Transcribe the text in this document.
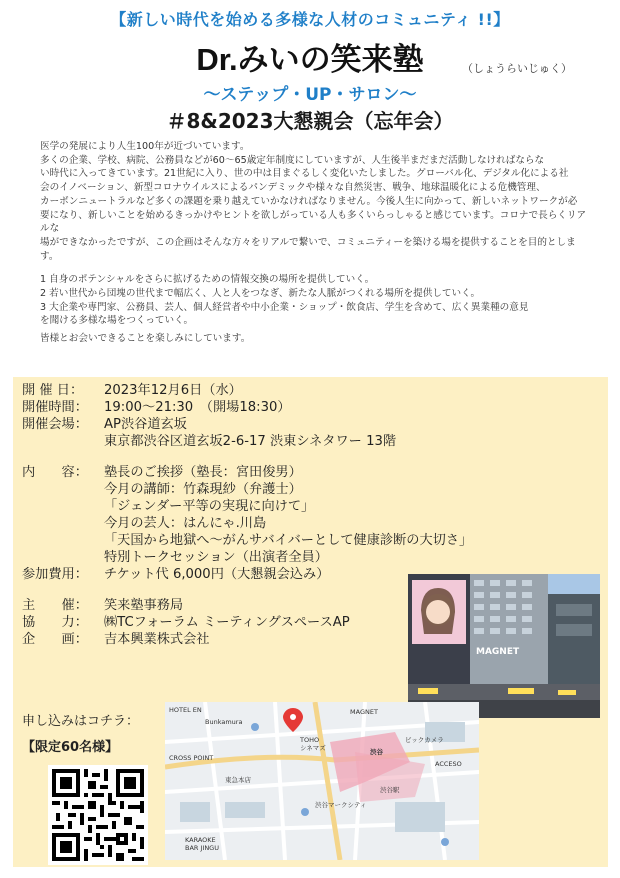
【新しい時代を始める多様な人材のコミュニティ !!】
Dr.みいの笑来塾	（しょうらいじゅく）
〜ステップ・UP・サロン〜
＃8&2023大懇親会（忘年会）

医学の発展により人生100年が近づいています。

多くの企業、学校、病院、公務員などが60〜65歳定年制度にしていますが、人生後半まだまだ活動しなければならな

い時代に入ってきています。21世紀に入り、世の中は目まぐるしく変化いたしました。グローバル化、デジタル化による社

会のイノベーション、新型コロナウイルスによるパンデミックや様々な自然災害、戦争、地球温暖化による危機管理、

カーボンニュートラルなど多くの課題を乗り越えていかなければなりません。今後人生に向かって、新しいネットワークが必

要になり、新しいことを始めるきっかけやヒントを欲しがっている人も多くいらっしゃると感じています。コロナで長らくリアルな

場ができなかったですが、この企画はそんな方々をリアルで繋いで、コミュニティーを築ける場を提供することを目的としま

す。

1 自身のポテンシャルをさらに拡げるための情報交換の場所を提供していく。

2 若い世代から団塊の世代まで幅広く、人と人をつなぎ、新たな人脈がつくれる場所を提供していく。

3 大企業や専門家、公務員、芸人、個人経営者や中小企業・ショップ・飲食店、学生を含めて、広く異業種の意見

を聞ける多様な場をつくっていく。

皆様とお会いできることを楽しみにしています。

開 催 日：	2023年12月6日（水）
開催時間：	19:00〜21:30　（開場18:30）
開催会場：	AP渋谷道玄坂
東京都渋谷区道玄坂2-6-17 渋東シネタワー 13階
内　　容：	塾長のご挨拶（塾長：宮田俊男）
今月の講師：竹森現紗（弁護士）
「ジェンダー平等の実現に向けて」
今月の芸人：はんにゃ.川島
「天国から地獄へ〜がんサバイバーとして健康診断の大切さ」
特別トークセッション（出演者全員）
参加費用：	チケット代 6,000円（大懇親会込み）
主　　催：	笑来塾事務局
協　　力：	㈱TCフォーラム ミーティングスペースAP
企　　画：	吉本興業株式会社
申し込みはコチラ：
【限定60名様】
MAGNET
HOTEL EN
渋谷
TOHO
シネマズ
渋谷マークシティ
CROSS POINT
KARAOKE
BAR JINGU
MAGNET
ACCESO
Bunkamura
ビックカメラ
東急本店
渋谷駅
